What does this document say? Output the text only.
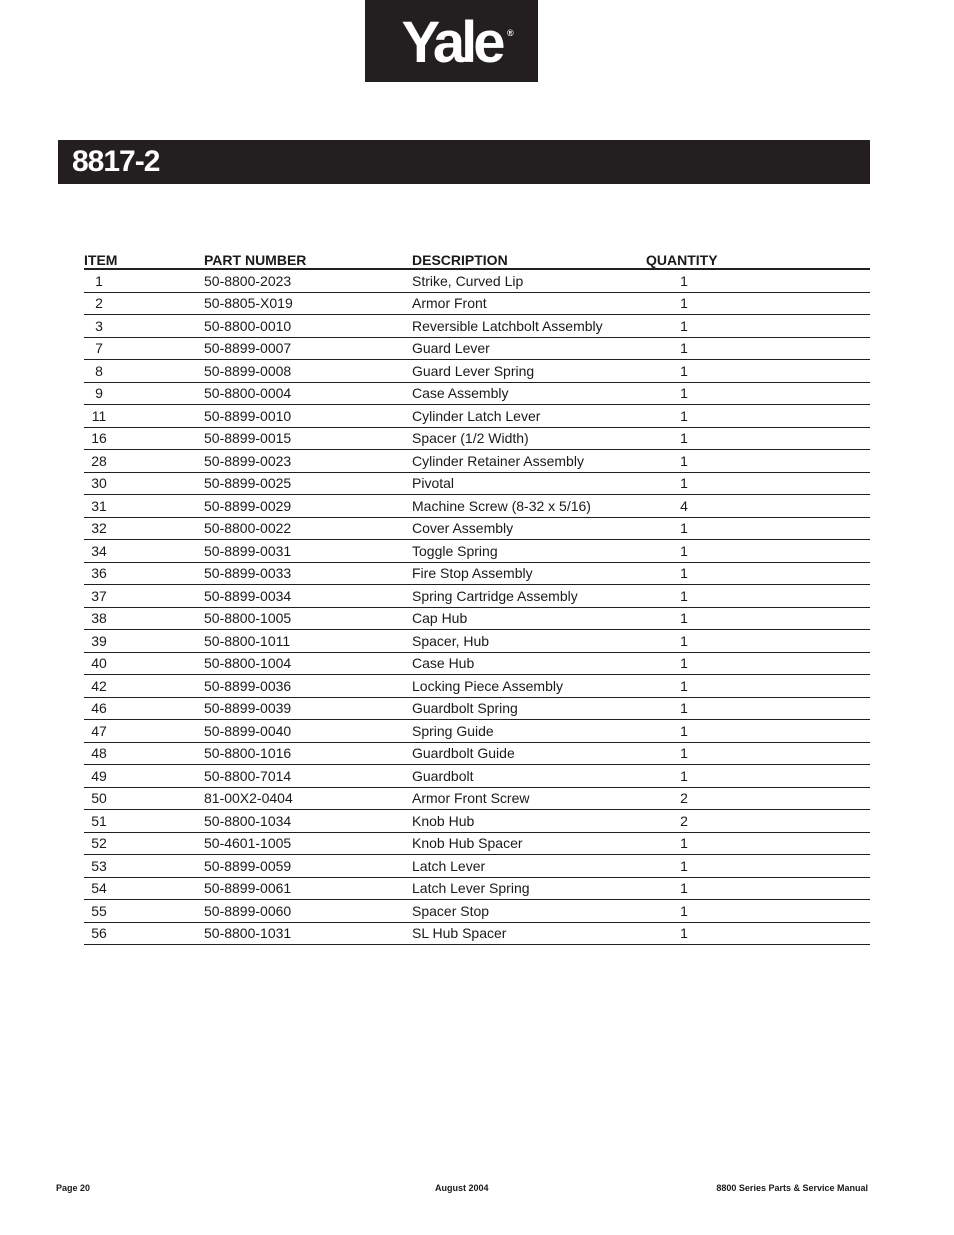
Yale ®
8817-2
ITEM	PART NUMBER	DESCRIPTION	QUANTITY
1	50-8800-2023	Strike, Curved Lip	1
2	50-8805-X019	Armor Front	1
3	50-8800-0010	Reversible Latchbolt Assembly	1
7	50-8899-0007	Guard Lever	1
8	50-8899-0008	Guard Lever Spring	1
9	50-8800-0004	Case Assembly	1
11	50-8899-0010	Cylinder Latch Lever	1
16	50-8899-0015	Spacer (1/2 Width)	1
28	50-8899-0023	Cylinder Retainer Assembly	1
30	50-8899-0025	Pivotal	1
31	50-8899-0029	Machine Screw (8-32 x 5/16)	4
32	50-8800-0022	Cover Assembly	1
34	50-8899-0031	Toggle Spring	1
36	50-8899-0033	Fire Stop Assembly	1
37	50-8899-0034	Spring Cartridge Assembly	1
38	50-8800-1005	Cap Hub	1
39	50-8800-1011	Spacer, Hub	1
40	50-8800-1004	Case Hub	1
42	50-8899-0036	Locking Piece Assembly	1
46	50-8899-0039	Guardbolt Spring	1
47	50-8899-0040	Spring Guide	1
48	50-8800-1016	Guardbolt Guide	1
49	50-8800-7014	Guardbolt	1
50	81-00X2-0404	Armor Front Screw	2
51	50-8800-1034	Knob Hub	2
52	50-4601-1005	Knob Hub Spacer	1
53	50-8899-0059	Latch Lever	1
54	50-8899-0061	Latch Lever Spring	1
55	50-8899-0060	Spacer Stop	1
56	50-8800-1031	SL Hub Spacer	1
Page 20	August 2004	8800 Series Parts & Service Manual
